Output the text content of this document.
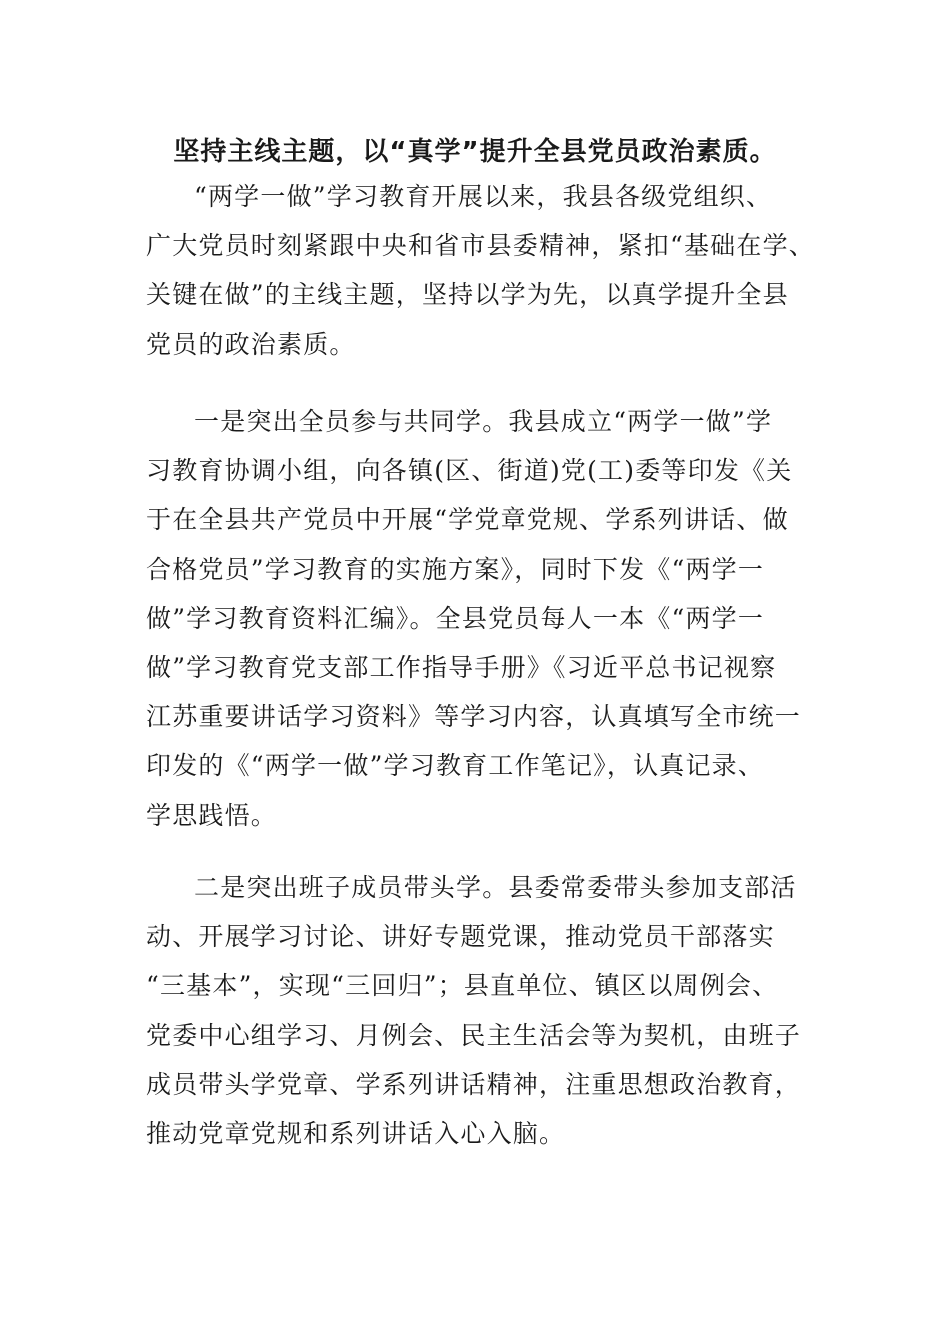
坚持主线主题，以“真学”提升全县党员政治素质。
“两学一做”学习教育开展以来，我县各级党组织、
广大党员时刻紧跟中央和省市县委精神，紧扣“基础在学、
关键在做”的主线主题，坚持以学为先，以真学提升全县
党员的政治素质。
一是突出全员参与共同学。我县成立“两学一做”学
习教育协调小组，向各镇(区、街道)党(工)委等印发《关
于在全县共产党员中开展“学党章党规、学系列讲话、做
合格党员”学习教育的实施方案》，同时下发《“两学一
做”学习教育资料汇编》。全县党员每人一本《“两学一
做”学习教育党支部工作指导手册》《习近平总书记视察
江苏重要讲话学习资料》等学习内容，认真填写全市统一
印发的《“两学一做”学习教育工作笔记》，认真记录、
学思践悟。
二是突出班子成员带头学。县委常委带头参加支部活
动、开展学习讨论、讲好专题党课，推动党员干部落实
“三基本”，实现“三回归”；县直单位、镇区以周例会、
党委中心组学习、月例会、民主生活会等为契机，由班子
成员带头学党章、学系列讲话精神，注重思想政治教育，
推动党章党规和系列讲话入心入脑。
